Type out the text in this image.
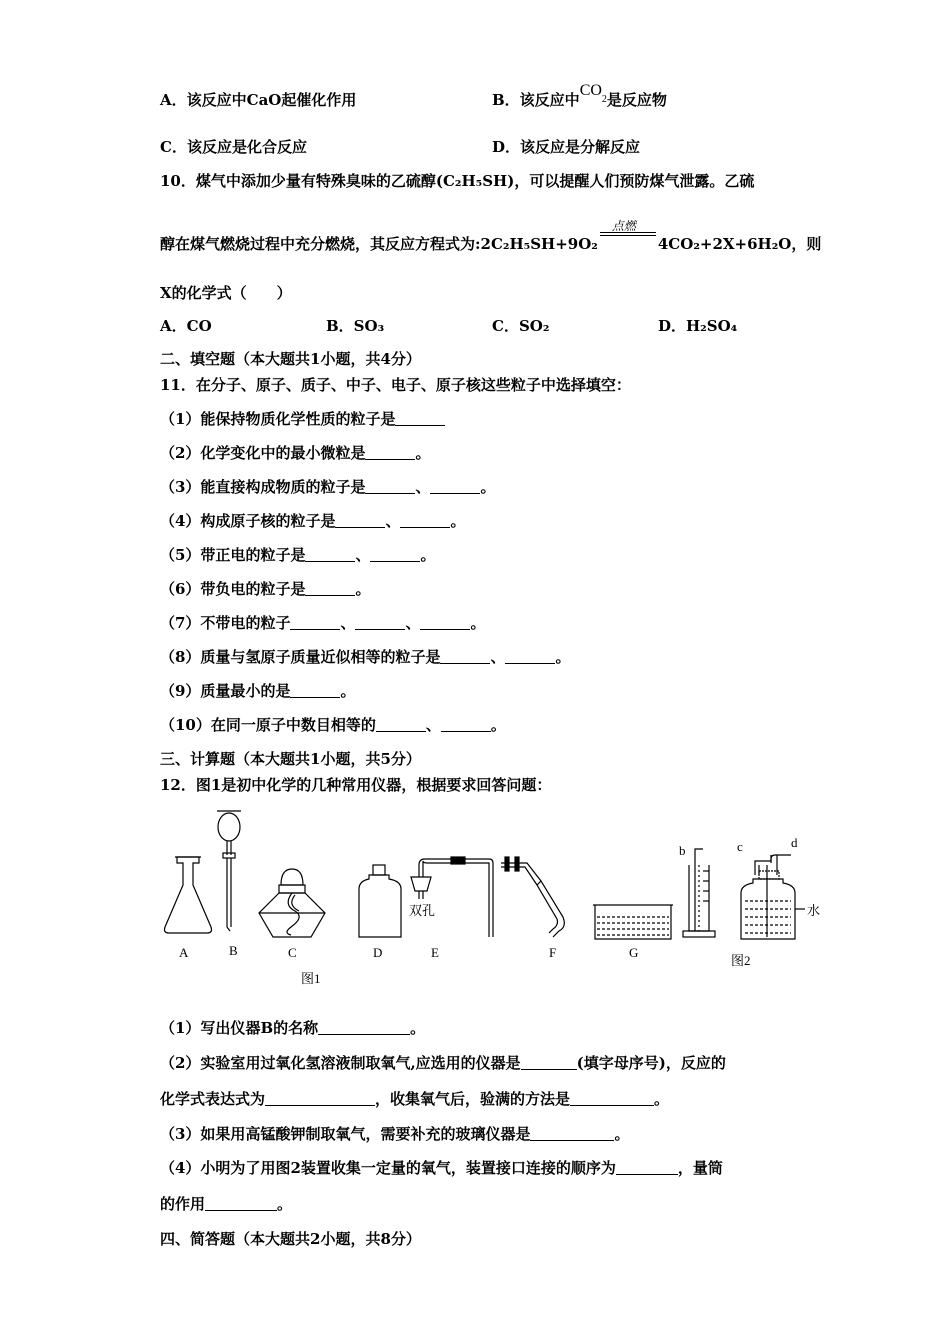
A．该反应中CaO起催化作用	B．该反应中$CO^2$是反应物
C．该反应是化合反应	D．该反应是分解反应
10．煤气中添加少量有特殊臭味的乙硫醇(C₂H₅SH)，可以提醒人们预防煤气泄露。乙硫
醇在煤气燃烧过程中充分燃烧，其反应方程式为:2C₂H₅SH+9O₂
点燃
4CO₂+2X+6H₂O，则
X的化学式（　　）
A．CO	B．SO₃	C．SO₂	D．H₂SO₄
二、填空题（本大题共1小题，共4分）
11．在分子、原子、质子、中子、电子、原子核这些粒子中选择填空：
（1）能保持物质化学性质的粒子是
（2）化学变化中的最小微粒是	。
（3）能直接构成物质的粒子是	、	。
（4）构成原子核的粒子是	、	。
（5）带正电的粒子是	、	。
（6）带负电的粒子是	。
（7）不带电的粒子	、	、	。
（8）质量与氢原子质量近似相等的粒子是	、	。
（9）质量最小的是	。
（10）在同一原子中数目相等的	、	。
三、计算题（本大题共1小题，共5分）
12．图1是初中化学的几种常用仪器，根据要求回答问题：
A	B	C	D	E
双孔
F	G
b	c	d
水
图1
图2
（1）写出仪器B的名称	。
（2）实验室用过氧化氢溶液制取氧气,应选用的仪器是	(填字母序号)，反应的
化学式表达式为	，收集氧气后，验满的方法是	。
（3）如果用高锰酸钾制取氧气，需要补充的玻璃仪器是	。
（4）小明为了用图2装置收集一定量的氧气，装置接口连接的顺序为	，量筒
的作用	。
四、简答题（本大题共2小题，共8分）
